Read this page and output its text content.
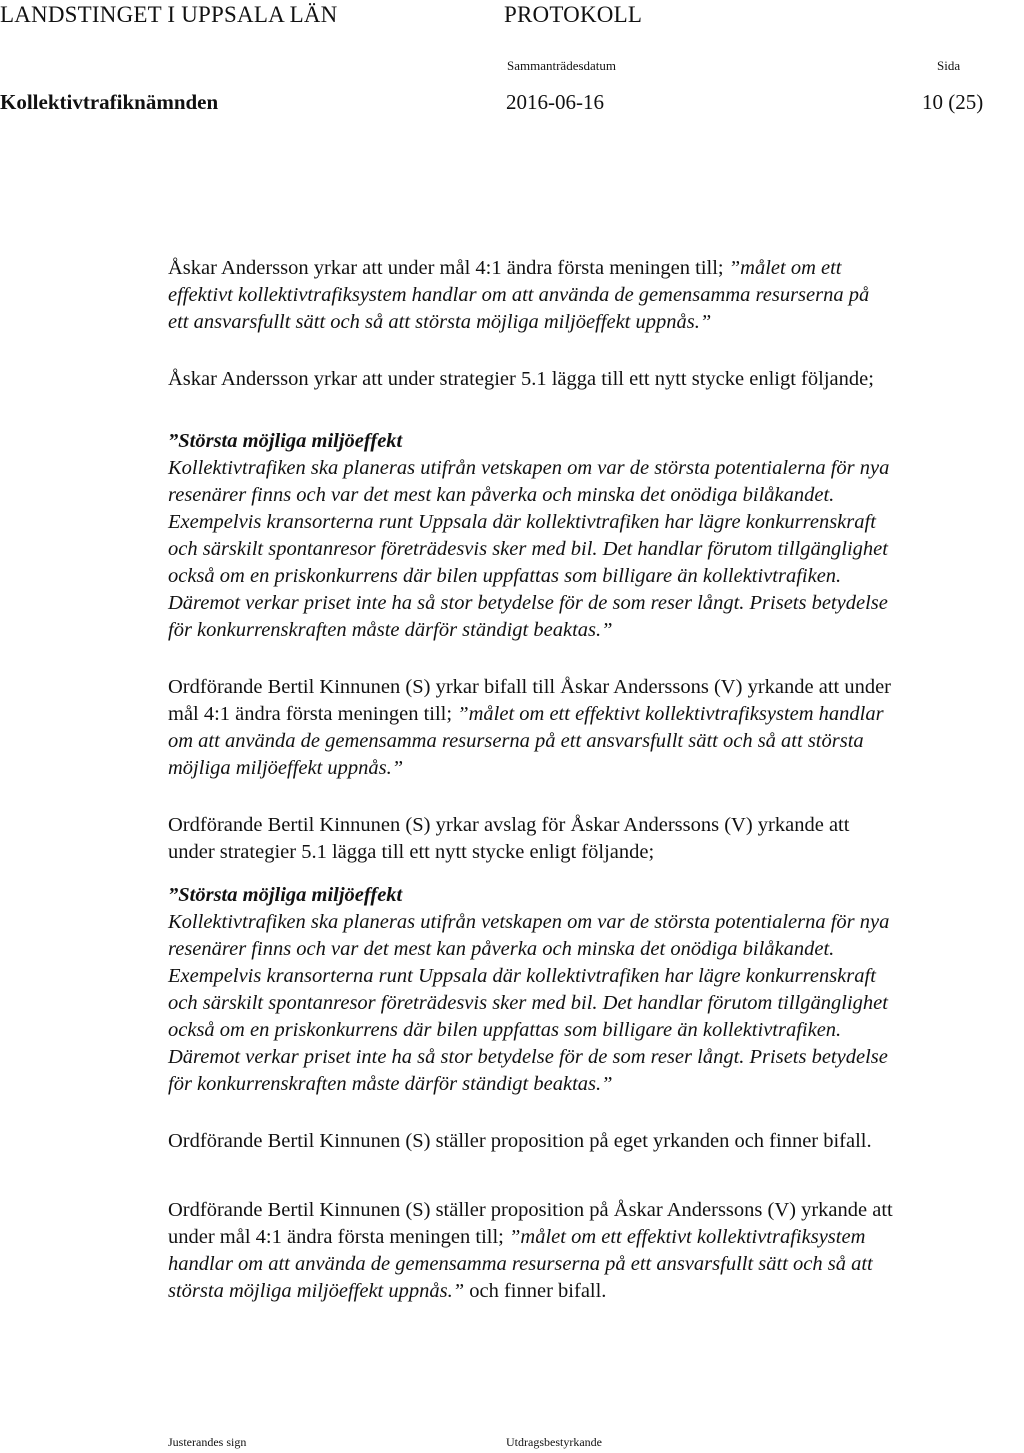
LANDSTINGET I UPPSALA LÄN	PROTOKOLL
Sammanträdesdatum	Sida
Kollektivtrafiknämnden	2016-06-16	10 (25)
Åskar Andersson yrkar att under mål 4:1 ändra första meningen till; ”målet om ett
effektivt kollektivtrafiksystem handlar om att använda de gemensamma resurserna på
ett ansvarsfullt sätt och så att största möjliga miljöeffekt uppnås.”
Åskar Andersson yrkar att under strategier 5.1 lägga till ett nytt stycke enligt följande;
”Största möjliga miljöeffekt
Kollektivtrafiken ska planeras utifrån vetskapen om var de största potentialerna för nya
resenärer finns och var det mest kan påverka och minska det onödiga bilåkandet.
Exempelvis kransorterna runt Uppsala där kollektivtrafiken har lägre konkurrenskraft
och särskilt spontanresor företrädesvis sker med bil. Det handlar förutom tillgänglighet
också om en priskonkurrens där bilen uppfattas som billigare än kollektivtrafiken.
Däremot verkar priset inte ha så stor betydelse för de som reser långt. Prisets betydelse
för konkurrenskraften måste därför ständigt beaktas.”
Ordförande Bertil Kinnunen (S) yrkar bifall till Åskar Anderssons (V) yrkande att under
mål 4:1 ändra första meningen till; ”målet om ett effektivt kollektivtrafiksystem handlar
om att använda de gemensamma resurserna på ett ansvarsfullt sätt och så att största
möjliga miljöeffekt uppnås.”
Ordförande Bertil Kinnunen (S) yrkar avslag för Åskar Anderssons (V) yrkande att
under strategier 5.1 lägga till ett nytt stycke enligt följande;
”Största möjliga miljöeffekt
Kollektivtrafiken ska planeras utifrån vetskapen om var de största potentialerna för nya
resenärer finns och var det mest kan påverka och minska det onödiga bilåkandet.
Exempelvis kransorterna runt Uppsala där kollektivtrafiken har lägre konkurrenskraft
och särskilt spontanresor företrädesvis sker med bil. Det handlar förutom tillgänglighet
också om en priskonkurrens där bilen uppfattas som billigare än kollektivtrafiken.
Däremot verkar priset inte ha så stor betydelse för de som reser långt. Prisets betydelse
för konkurrenskraften måste därför ständigt beaktas.”
Ordförande Bertil Kinnunen (S) ställer proposition på eget yrkanden och finner bifall.
Ordförande Bertil Kinnunen (S) ställer proposition på Åskar Anderssons (V) yrkande att
under mål 4:1 ändra första meningen till; ”målet om ett effektivt kollektivtrafiksystem
handlar om att använda de gemensamma resurserna på ett ansvarsfullt sätt och så att
största möjliga miljöeffekt uppnås.” och finner bifall.
Justerandes sign	Utdragsbestyrkande
